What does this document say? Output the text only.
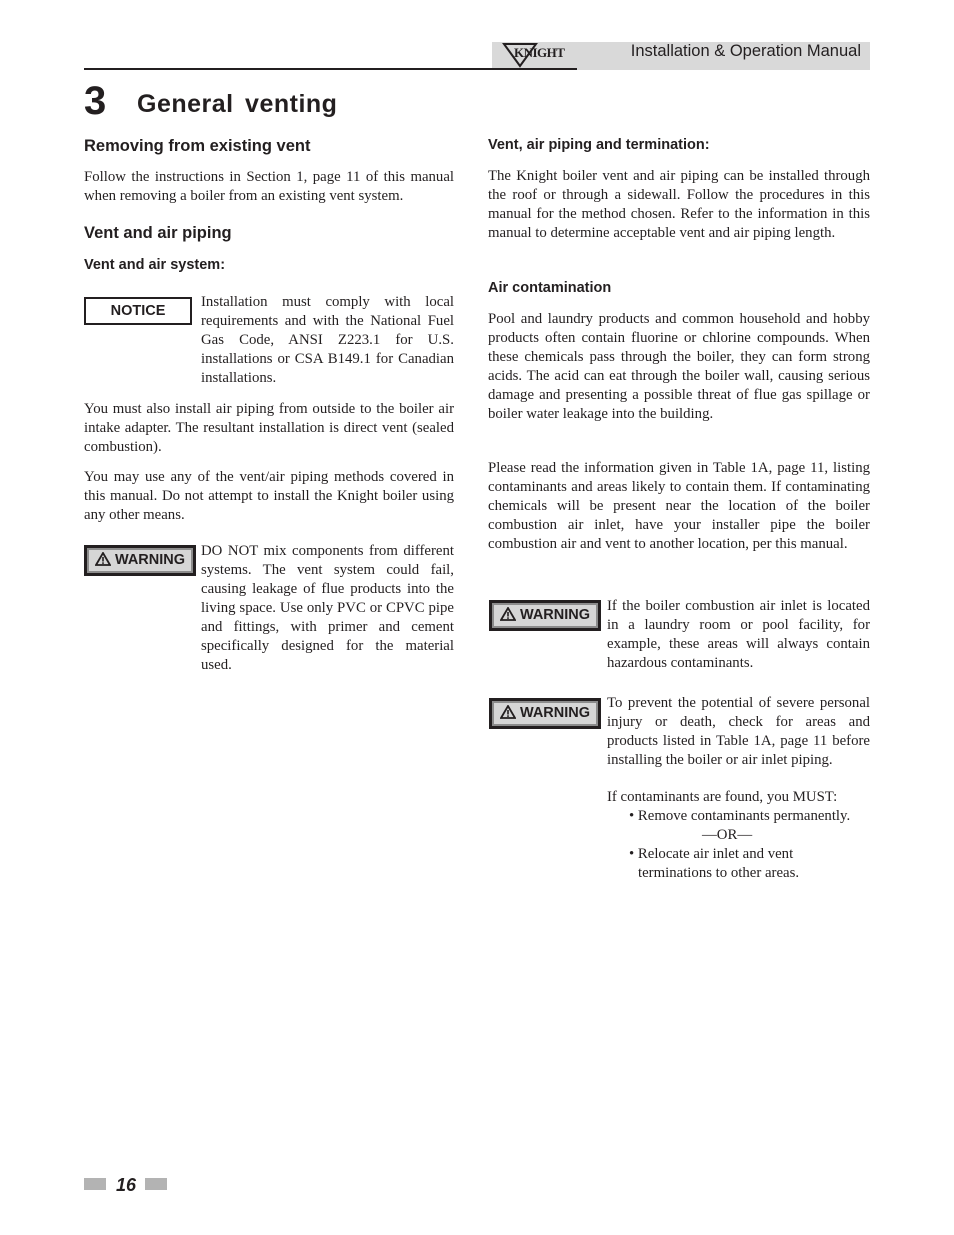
KNIGHT	Installation & Operation Manual
3 General venting
Removing from existing vent
Follow the instructions in Section 1, page 11 of this manual when removing a boiler from an existing vent system.
Vent and air piping
Vent and air system:
NOTICE
Installation must comply with local requirements and with the National Fuel Gas Code, ANSI Z223.1 for U.S. installations or CSA B149.1 for Canadian installations.
You must also install air piping from outside to the boiler air intake adapter. The resultant installation is direct vent (sealed combustion).
You may use any of the vent/air piping methods covered in this manual. Do not attempt to install the Knight boiler using any other means.
WARNING
DO NOT mix components from different systems. The vent system could fail, causing leakage of flue products into the living space. Use only PVC or CPVC pipe and fittings, with primer and cement specifically designed for the material used.
Vent, air piping and termination:
The Knight boiler vent and air piping can be installed through the roof or through a sidewall. Follow the procedures in this manual for the method chosen. Refer to the information in this manual to determine acceptable vent and air piping length.
Air contamination
Pool and laundry products and common household and hobby products often contain fluorine or chlorine compounds. When these chemicals pass through the boiler, they can form strong acids. The acid can eat through the boiler wall, causing serious damage and presenting a possible threat of flue gas spillage or boiler water leakage into the building.
Please read the information given in Table 1A, page 11, listing contaminants and areas likely to contain them. If contaminating chemicals will be present near the location of the boiler combustion air inlet, have your installer pipe the boiler combustion air and vent to another location, per this manual.
WARNING
If the boiler combustion air inlet is located in a laundry room or pool facility, for example, these areas will always contain hazardous contaminants.
WARNING
To prevent the potential of severe personal injury or death, check for areas and products listed in Table 1A, page 11 before installing the boiler or air inlet piping.
If contaminants are found, you MUST:
• Remove contaminants permanently.
—OR—
• Relocate air inlet and vent
terminations to other areas.
16
